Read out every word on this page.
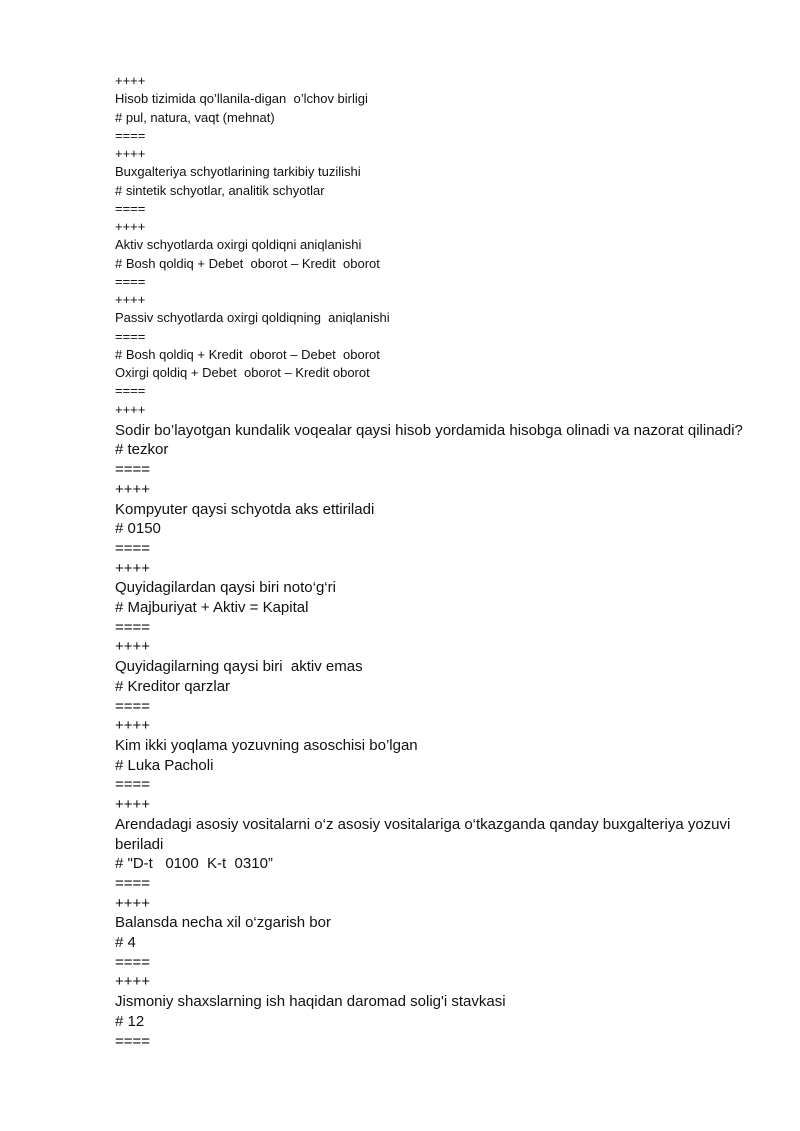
++++
Hisob tizimida qo’llanila-digan  o’lchov birligi
# pul, natura, vaqt (mehnat)
====
++++
Buxgalteriya schyotlarining tarkibiy tuzilishi
# sintetik schyotlar, analitik schyotlar
====
++++
Aktiv schyotlarda oxirgi qoldiqni aniqlanishi
# Bosh qoldiq + Debet  oborot – Kredit  oborot
====
++++
Passiv schyotlarda oxirgi qoldiqning  aniqlanishi
====
# Bosh qoldiq + Kredit  oborot – Debet  oborot
Oxirgi qoldiq + Debet  oborot – Kredit oborot
====
++++
Sodir bo’layotgan kundalik voqealar qaysi hisob yordamida hisobga olinadi va nazorat qilinadi?
# tezkor
====
++++
Kompyuter qaysi schyotda aks ettiriladi
# 0150
====
++++
Quyidagilardan qaysi biri noto‘g‘ri
# Majburiyat + Aktiv = Kapital
====
++++
Quyidagilarning qaysi biri  aktiv emas
# Kreditor qarzlar
====
++++
Kim ikki yoqlama yozuvning asoschisi bo’lgan
# Luka Pacholi
====
++++
Arendadagi asosiy vositalarni o‘z asosiy vositalariga o‘tkazganda qanday buxgalteriya yozuvi beriladi
# "D-t   0100  K-t  0310”
====
++++
Balansda necha xil o‘zgarish bor
# 4
====
++++
Jismoniy shaxslarning ish haqidan daromad solig'i stavkasi
# 12
====
